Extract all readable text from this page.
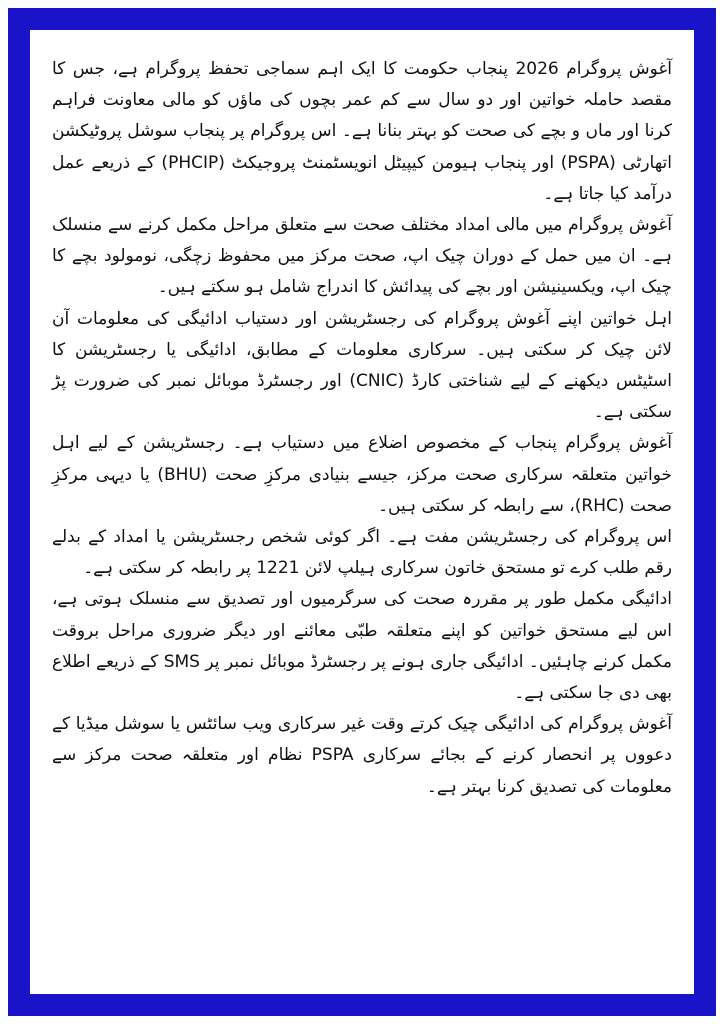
آغوش پروگرام 2026 پنجاب حکومت کا ایک اہم سماجی تحفظ پروگرام ہے، جس کا مقصد حاملہ خواتین اور دو سال سے کم عمر بچوں کی ماؤں کو مالی معاونت فراہم کرنا اور ماں و بچے کی صحت کو بہتر بنانا ہے۔ اس پروگرام پر پنجاب سوشل پروٹیکشن اتھارٹی (PSPA) اور پنجاب ہیومن کیپیٹل انویسٹمنٹ پروجیکٹ (PHCIP) کے ذریعے عمل درآمد کیا جاتا ہے۔

آغوش پروگرام میں مالی امداد مختلف صحت سے متعلق مراحل مکمل کرنے سے منسلک ہے۔ ان میں حمل کے دوران چیک اپ، صحت مرکز میں محفوظ زچگی، نومولود بچے کا چیک اپ، ویکسینیشن اور بچے کی پیدائش کا اندراج شامل ہو سکتے ہیں۔

اہل خواتین اپنے آغوش پروگرام کی رجسٹریشن اور دستیاب ادائیگی کی معلومات آن لائن چیک کر سکتی ہیں۔ سرکاری معلومات کے مطابق، ادائیگی یا رجسٹریشن کا اسٹیٹس دیکھنے کے لیے شناختی کارڈ (CNIC) اور رجسٹرڈ موبائل نمبر کی ضرورت پڑ سکتی ہے۔

آغوش پروگرام پنجاب کے مخصوص اضلاع میں دستیاب ہے۔ رجسٹریشن کے لیے اہل خواتین متعلقہ سرکاری صحت مرکز، جیسے بنیادی مرکزِ صحت (BHU) یا دیہی مرکزِ صحت (RHC)، سے رابطہ کر سکتی ہیں۔

اس پروگرام کی رجسٹریشن مفت ہے۔ اگر کوئی شخص رجسٹریشن یا امداد کے بدلے رقم طلب کرے تو مستحق خاتون سرکاری ہیلپ لائن 1221 پر رابطہ کر سکتی ہے۔

ادائیگی مکمل طور پر مقررہ صحت کی سرگرمیوں اور تصدیق سے منسلک ہوتی ہے، اس لیے مستحق خواتین کو اپنے متعلقہ طبّی معائنے اور دیگر ضروری مراحل بروقت مکمل کرنے چاہئیں۔ ادائیگی جاری ہونے پر رجسٹرڈ موبائل نمبر پر SMS کے ذریعے اطلاع بھی دی جا سکتی ہے۔

آغوش پروگرام کی ادائیگی چیک کرتے وقت غیر سرکاری ویب سائٹس یا سوشل میڈیا کے دعووں پر انحصار کرنے کے بجائے سرکاری PSPA نظام اور متعلقہ صحت مرکز سے معلومات کی تصدیق کرنا بہتر ہے۔
